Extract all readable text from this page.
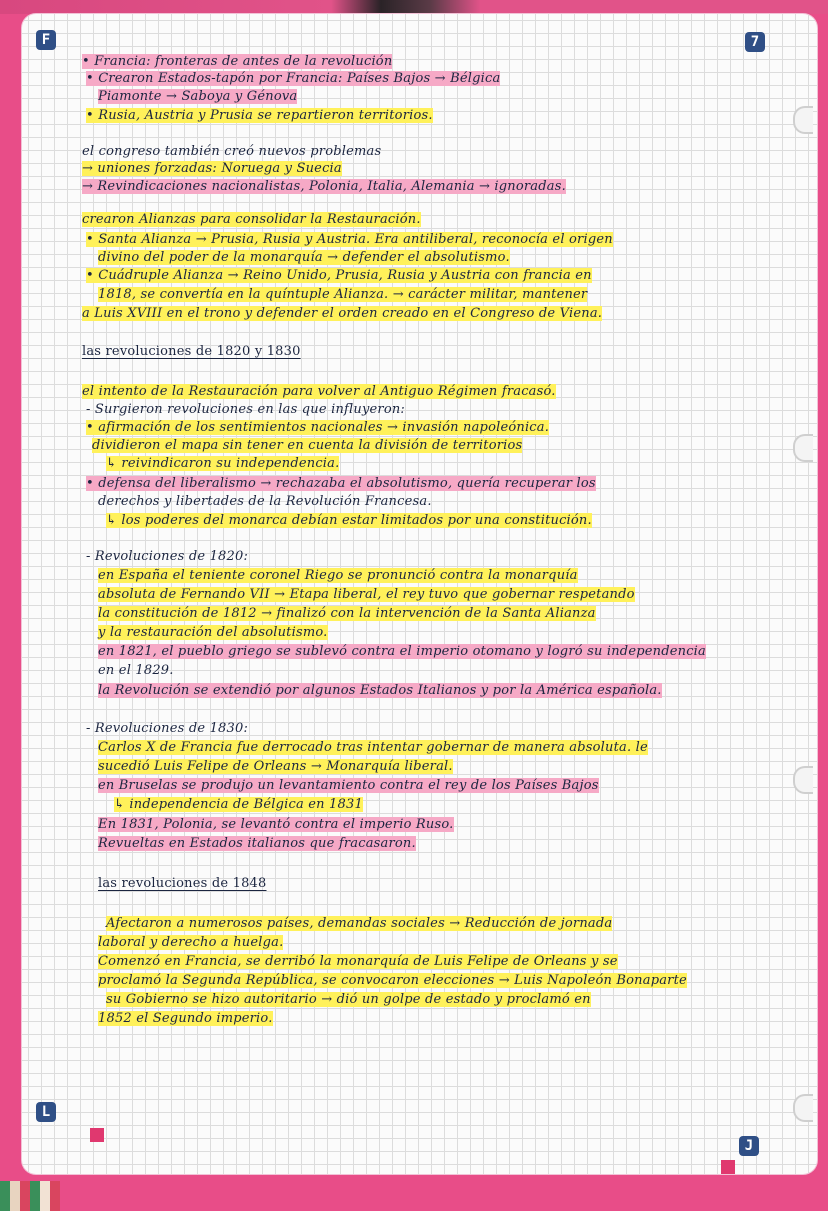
F	7
L
J
• Francia: fronteras de antes de la revolución
• Crearon Estados-tapón por Francia: Países Bajos → Bélgica
Piamonte → Saboya y Génova
• Rusia, Austria y Prusia se repartieron territorios.
el congreso también creó nuevos problemas
→ uniones forzadas: Noruega y Suecia
→ Revindicaciones nacionalistas, Polonia, Italia, Alemania → ignoradas.
crearon Alianzas para consolidar la Restauración.
• Santa Alianza → Prusia, Rusia y Austria. Era antiliberal, reconocía el origen
divino del poder de la monarquía → defender el absolutismo.
• Cuádruple Alianza → Reino Unido, Prusia, Rusia y Austria con francia en
1818, se convertía en la quíntuple Alianza. → carácter militar, mantener
a Luis XVIII en el trono y defender el orden creado en el Congreso de Viena.
las revoluciones de 1820 y 1830
el intento de la Restauración para volver al Antiguo Régimen fracasó.
- Surgieron revoluciones en las que influyeron:
• afirmación de los sentimientos nacionales → invasión napoleónica.
dividieron el mapa sin tener en cuenta la división de territorios
↳ reivindicaron su independencia.
• defensa del liberalismo → rechazaba el absolutismo, quería recuperar los
derechos y libertades de la Revolución Francesa.
↳ los poderes del monarca debían estar limitados por una constitución.
- Revoluciones de 1820:
en España el teniente coronel Riego se pronunció contra la monarquía
absoluta de Fernando VII → Etapa liberal, el rey tuvo que gobernar respetando
la constitución de 1812 → finalizó con la intervención de la Santa Alianza
y la restauración del absolutismo.
en 1821, el pueblo griego se sublevó contra el imperio otomano y logró su independencia
en el 1829.
la Revolución se extendió por algunos Estados Italianos y por la América española.
- Revoluciones de 1830:
Carlos X de Francia fue derrocado tras intentar gobernar de manera absoluta. le
sucedió Luis Felipe de Orleans → Monarquía liberal.
en Bruselas se produjo un levantamiento contra el rey de los Países Bajos
↳ independencia de Bélgica en 1831
En 1831, Polonia, se levantó contra el imperio Ruso.
Revueltas en Estados italianos que fracasaron.
las revoluciones de 1848
Afectaron a numerosos países, demandas sociales → Reducción de jornada
laboral y derecho a huelga.
Comenzó en Francia, se derribó la monarquía de Luis Felipe de Orleans y se
proclamó la Segunda República, se convocaron elecciones → Luis Napoleón Bonaparte
su Gobierno se hizo autoritario → dió un golpe de estado y proclamó en
1852 el Segundo imperio.
